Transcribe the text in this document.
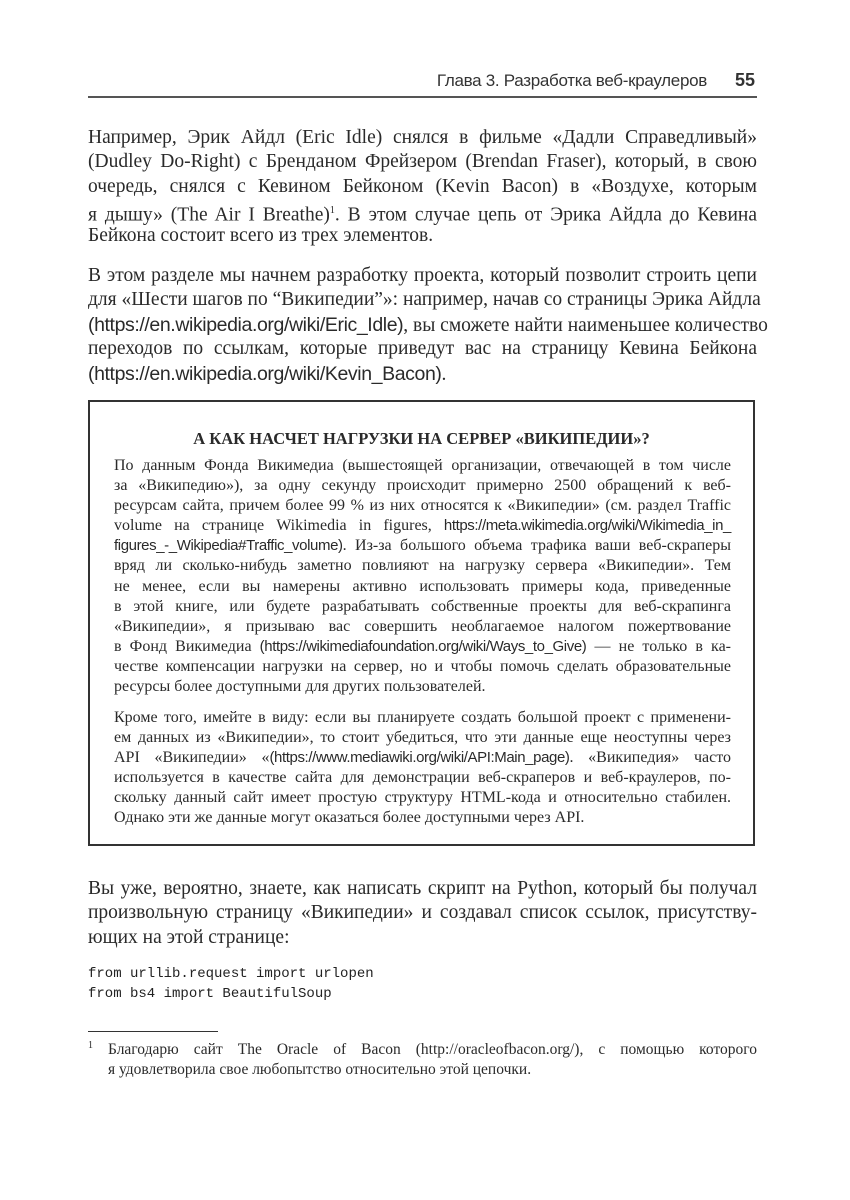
Глава 3. Разработка веб-краулеров 55
Например, Эрик Айдл (Eric Idle) снялся в фильме «Дадли Справедливый»
(Dudley Do-Right) с Бренданом Фрейзером (Brendan Fraser), который, в свою
очередь, снялся с Кевином Бейконом (Kevin Bacon) в «Воздухе, которым
я дышу» (The Air I Breathe)$^1$. В этом случае цепь от Эрика Айдла до Кевина
Бейкона состоит всего из трех элементов.
В этом разделе мы начнем разработку проекта, который позволит строить цепи
для «Шести шагов по “Википедии”»: например, начав со страницы Эрика Айдла
(https://en.wikipedia.org/wiki/Eric_Idle), вы сможете найти наименьшее количество
переходов по ссылкам, которые приведут вас на страницу Кевина Бейкона
(https://en.wikipedia.org/wiki/Kevin_Bacon).
А КАК НАСЧЕТ НАГРУЗКИ НА СЕРВЕР «ВИКИПЕДИИ»?
По данным Фонда Викимедиа (вышестоящей организации, отвечающей в том числе
за «Википедию»), за одну секунду происходит примерно 2500 обращений к веб-
ресурсам сайта, причем более 99 % из них относятся к «Википедии» (см. раздел Traffic
volume на странице Wikimedia in figures, https://meta.wikimedia.org/wiki/Wikimedia_in_
figures_-_Wikipedia#Traffic_volume). Из-за большого объема трафика ваши веб-скраперы
вряд ли сколько-нибудь заметно повлияют на нагрузку сервера «Википедии». Тем
не менее, если вы намерены активно использовать примеры кода, приведенные
в этой книге, или будете разрабатывать собственные проекты для веб-скрапинга
«Википедии», я призываю вас совершить необлагаемое налогом пожертвование
в Фонд Викимедиа (https://wikimediafoundation.org/wiki/Ways_to_Give) — не только в ка-
честве компенсации нагрузки на сервер, но и чтобы помочь сделать образовательные
ресурсы более доступными для других пользователей.
Кроме того, имейте в виду: если вы планируете создать большой проект с применени-
ем данных из «Википедии», то стоит убедиться, что эти данные еще неоступны через
API «Википедии» «(https://www.mediawiki.org/wiki/API:Main_page). «Википедия» часто
используется в качестве сайта для демонстрации веб-скраперов и веб-краулеров, по-
скольку данный сайт имеет простую структуру HTML-кода и относительно стабилен.
Однако эти же данные могут оказаться более доступными через API.
Вы уже, вероятно, знаете, как написать скрипт на Python, который бы получал
произвольную страницу «Википедии» и создавал список ссылок, присутству-
ющих на этой странице:
from urllib.request import urlopen
from bs4 import BeautifulSoup
1 Благодарю сайт The Oracle of Bacon (http://oracleofbacon.org/), с помощью которого
я удовлетворила свое любопытство относительно этой цепочки.
